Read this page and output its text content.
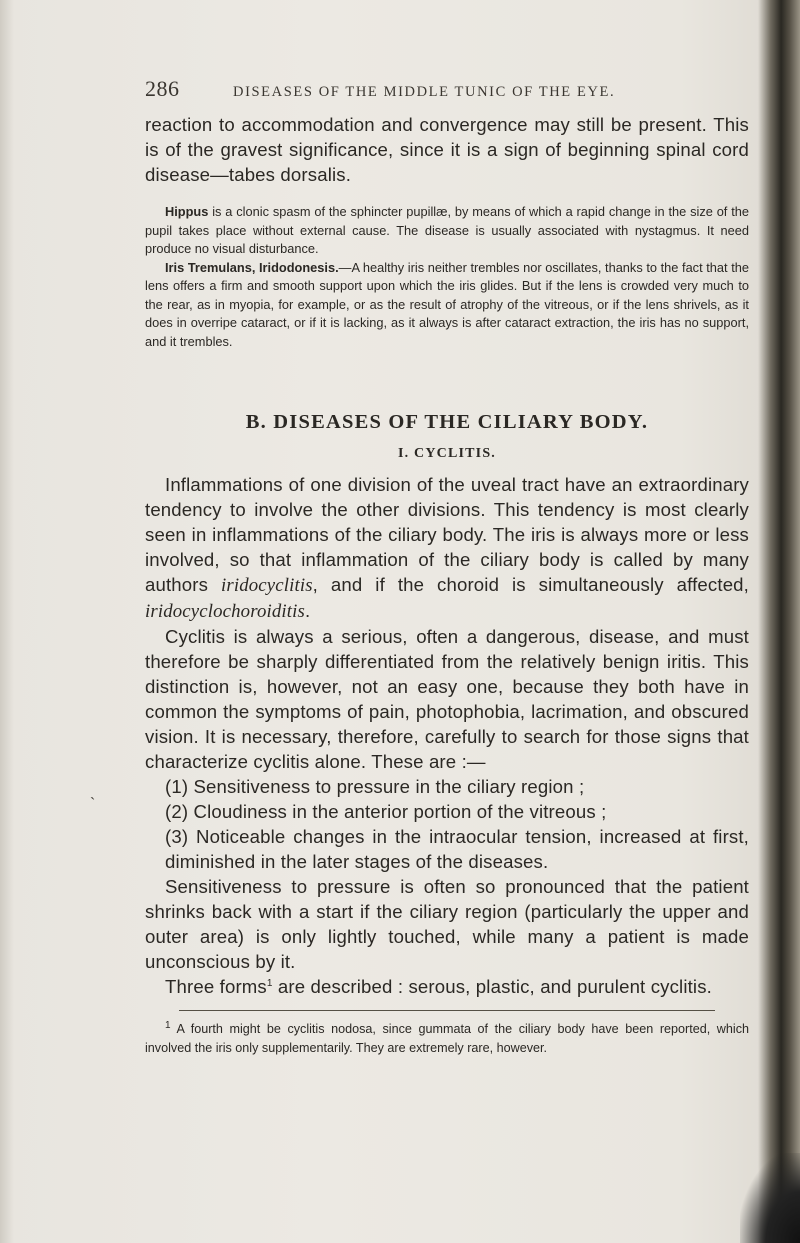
286	DISEASES OF THE MIDDLE TUNIC OF THE EYE.

reaction to accommodation and convergence may still be present. This is of the gravest significance, since it is a sign of beginning spinal cord disease—tabes dorsalis.

Hippus is a clonic spasm of the sphincter pupillæ, by means of which a rapid change in the size of the pupil takes place without external cause. The disease is usually associated with nystagmus. It need produce no visual disturbance.

Iris Tremulans, Iridodonesis.—A healthy iris neither trembles nor oscillates, thanks to the fact that the lens offers a firm and smooth support upon which the iris glides. But if the lens is crowded very much to the rear, as in myopia, for example, or as the result of atrophy of the vitreous, or if the lens shrivels, as it does in overripe cataract, or if it is lacking, as it always is after cataract extraction, the iris has no support, and it trembles.

B. DISEASES OF THE CILIARY BODY.
I. CYCLITIS.

Inflammations of one division of the uveal tract have an extraordinary tendency to involve the other divisions. This tendency is most clearly seen in inflammations of the ciliary body. The iris is always more or less involved, so that inflammation of the ciliary body is called by many authors iridocyclitis, and if the choroid is simultaneously affected, iridocyclochoroiditis.

Cyclitis is always a serious, often a dangerous, disease, and must therefore be sharply differentiated from the relatively benign iritis. This distinction is, however, not an easy one, because they both have in common the symptoms of pain, photophobia, lacrimation, and obscured vision. It is necessary, therefore, carefully to search for those signs that characterize cyclitis alone. These are :—

(1) Sensitiveness to pressure in the ciliary region ;

(2) Cloudiness in the anterior portion of the vitreous ;

(3) Noticeable changes in the intraocular tension, increased at first, diminished in the later stages of the diseases.

Sensitiveness to pressure is often so pronounced that the patient shrinks back with a start if the ciliary region (particularly the upper and outer area) is only lightly touched, while many a patient is made unconscious by it.

Three forms$^1$ are described : serous, plastic, and purulent cyclitis.

$^1$ A fourth might be cyclitis nodosa, since gummata of the ciliary body have been reported, which involved the iris only supplementarily. They are extremely rare, however.

`
